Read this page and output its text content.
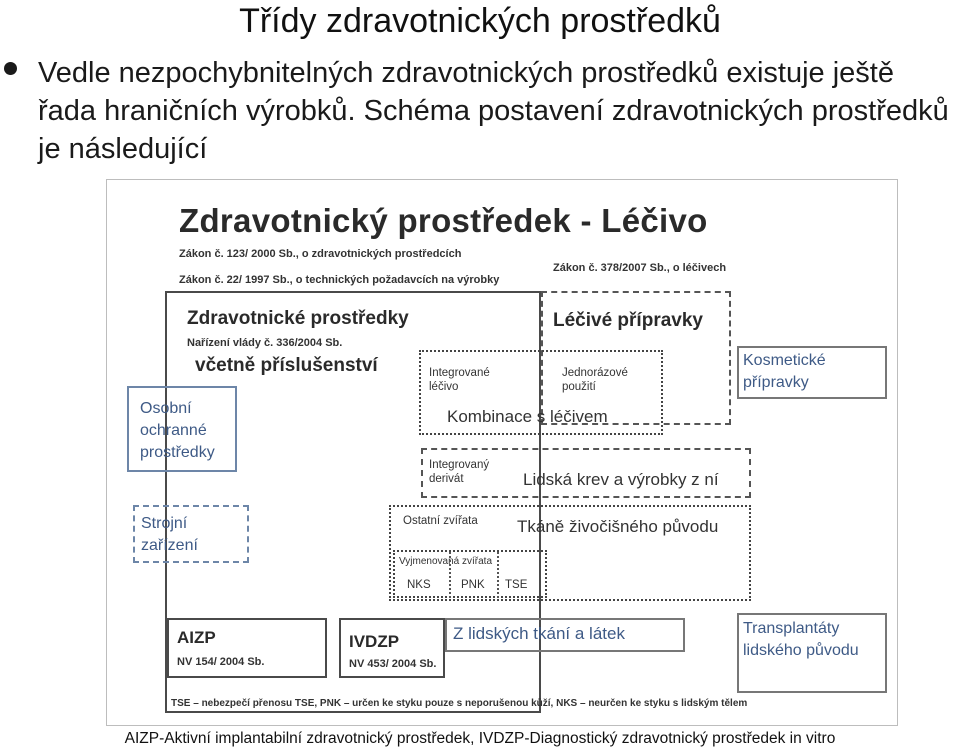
Třídy zdravotnických prostředků
Vedle nezpochybnitelných zdravotnických prostředků existuje ještě řada hraničních výrobků. Schéma postavení zdravotnických prostředků je následující
Zdravotnický prostředek - Léčivo
Zákon č. 123/ 2000 Sb., o zdravotnických prostředcích
Zákon č. 22/ 1997 Sb., o technických požadavcích na výrobky
Zákon č. 378/2007 Sb., o léčivech
Zdravotnické prostředky
Nařízení vlády č. 336/2004 Sb.
včetně příslušenství
Léčivé přípravky
Kosmetické přípravky
Osobní ochranné prostředky
Integrované léčivo
Jednorázové použití
Kombinace s léčivem
Integrovaný derivát	Lidská krev a výrobky z ní
Strojní zařízení
Ostatní zvířata Tkáně živočišného původu
Vyjmenovaná zvířata
NKS	PNK TSE
AIZP
NV 154/ 2004 Sb.
IVDZP
NV 453/ 2004 Sb.
Z lidských tkání a látek	Transplantáty lidského původu
TSE – nebezpečí přenosu TSE, PNK – určen ke styku pouze s neporušenou kůží, NKS – neurčen ke styku s lidským tělem
AIZP-Aktivní implantabilní zdravotnický prostředek, IVDZP-Diagnostický zdravotnický prostředek in vitro
